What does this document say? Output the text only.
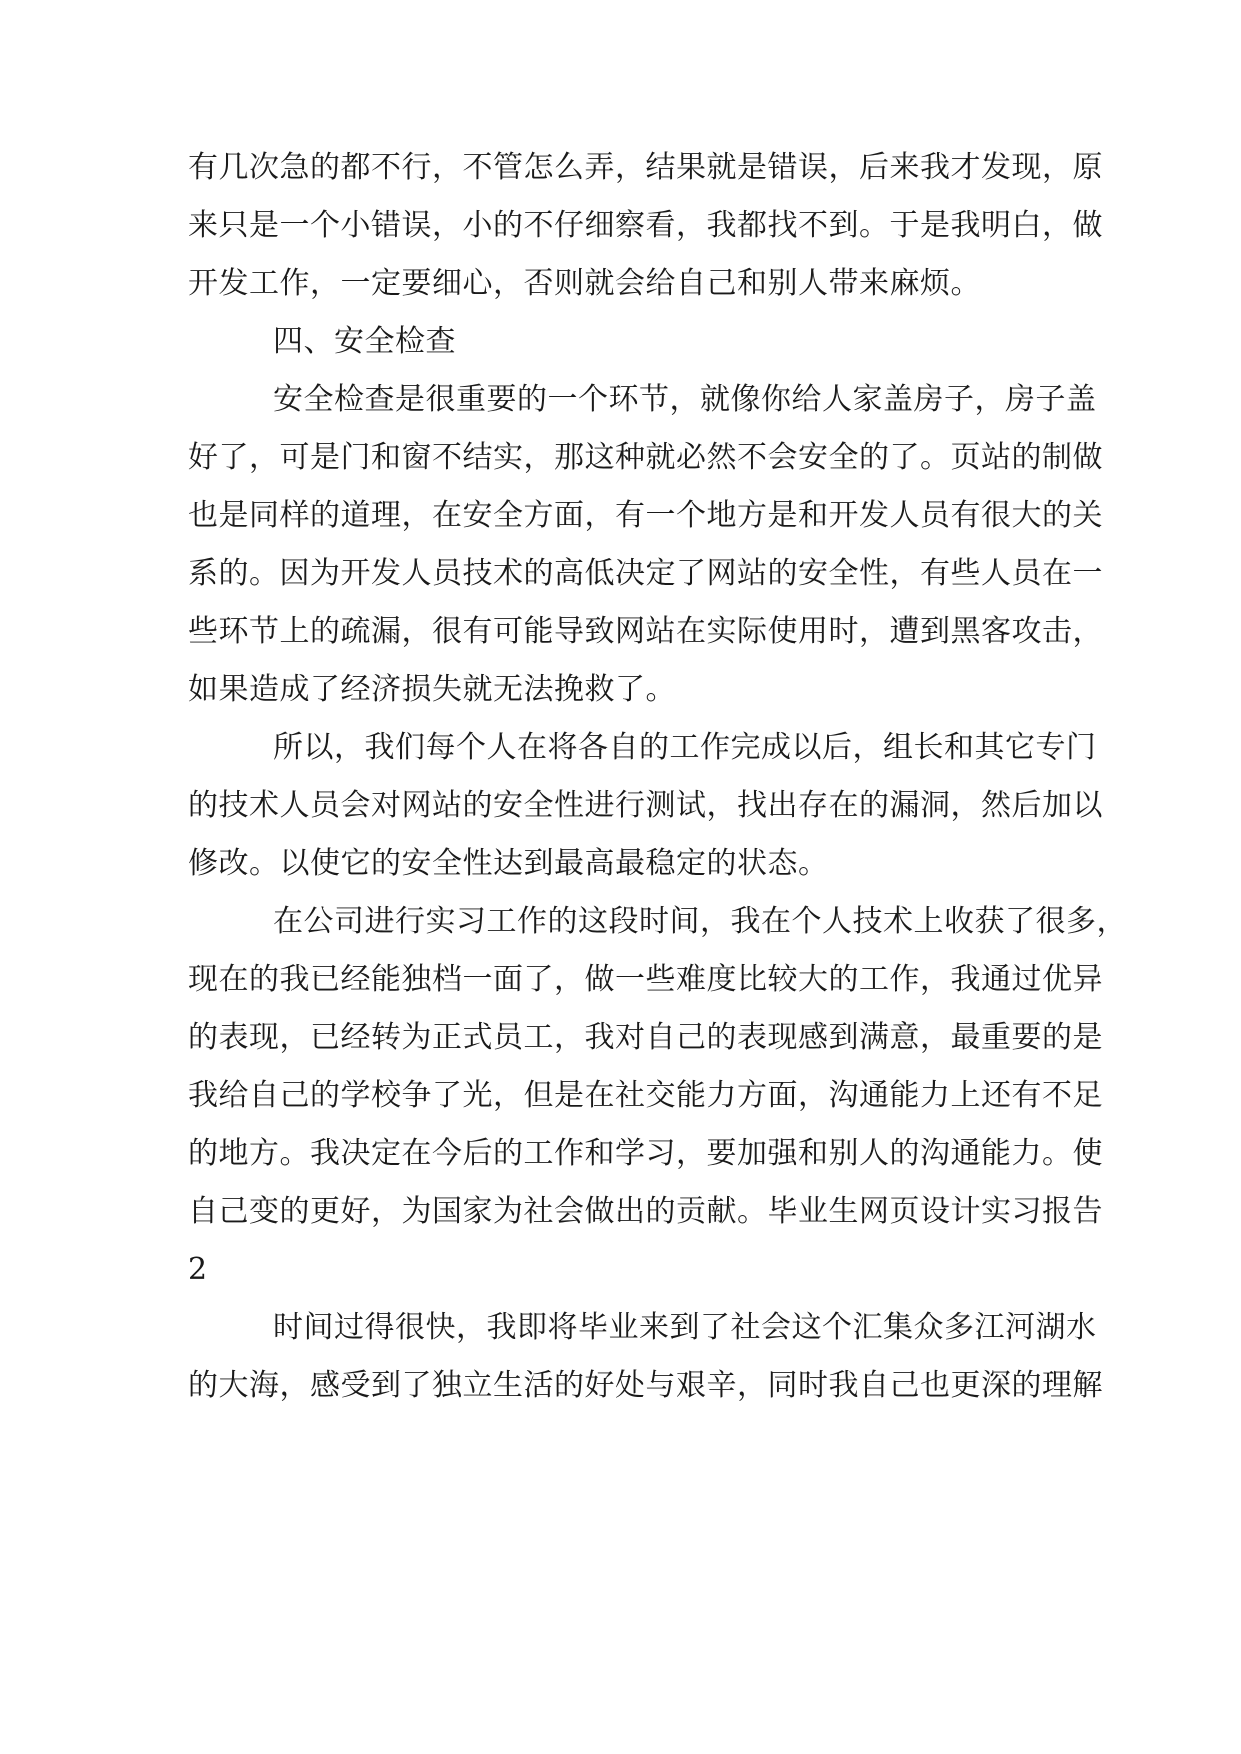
有几次急的都不行，不管怎么弄，结果就是错误，后来我才发现，原
来只是一个小错误，小的不仔细察看，我都找不到。于是我明白，做
开发工作，一定要细心，否则就会给自己和别人带来麻烦。
四、安全检查
安全检查是很重要的一个环节，就像你给人家盖房子，房子盖
好了，可是门和窗不结实，那这种就必然不会安全的了。页站的制做
也是同样的道理，在安全方面，有一个地方是和开发人员有很大的关
系的。因为开发人员技术的高低决定了网站的安全性，有些人员在一
些环节上的疏漏，很有可能导致网站在实际使用时，遭到黑客攻击，
如果造成了经济损失就无法挽救了。
所以，我们每个人在将各自的工作完成以后，组长和其它专门
的技术人员会对网站的安全性进行测试，找出存在的漏洞，然后加以
修改。以使它的安全性达到最高最稳定的状态。
在公司进行实习工作的这段时间，我在个人技术上收获了很多，
现在的我已经能独档一面了，做一些难度比较大的工作，我通过优异
的表现，已经转为正式员工，我对自己的表现感到满意，最重要的是
我给自己的学校争了光，但是在社交能力方面，沟通能力上还有不足
的地方。我决定在今后的工作和学习，要加强和别人的沟通能力。使
自己变的更好，为国家为社会做出的贡献。毕业生网页设计实习报告
2
时间过得很快，我即将毕业来到了社会这个汇集众多江河湖水
的大海，感受到了独立生活的好处与艰辛，同时我自己也更深的理解
